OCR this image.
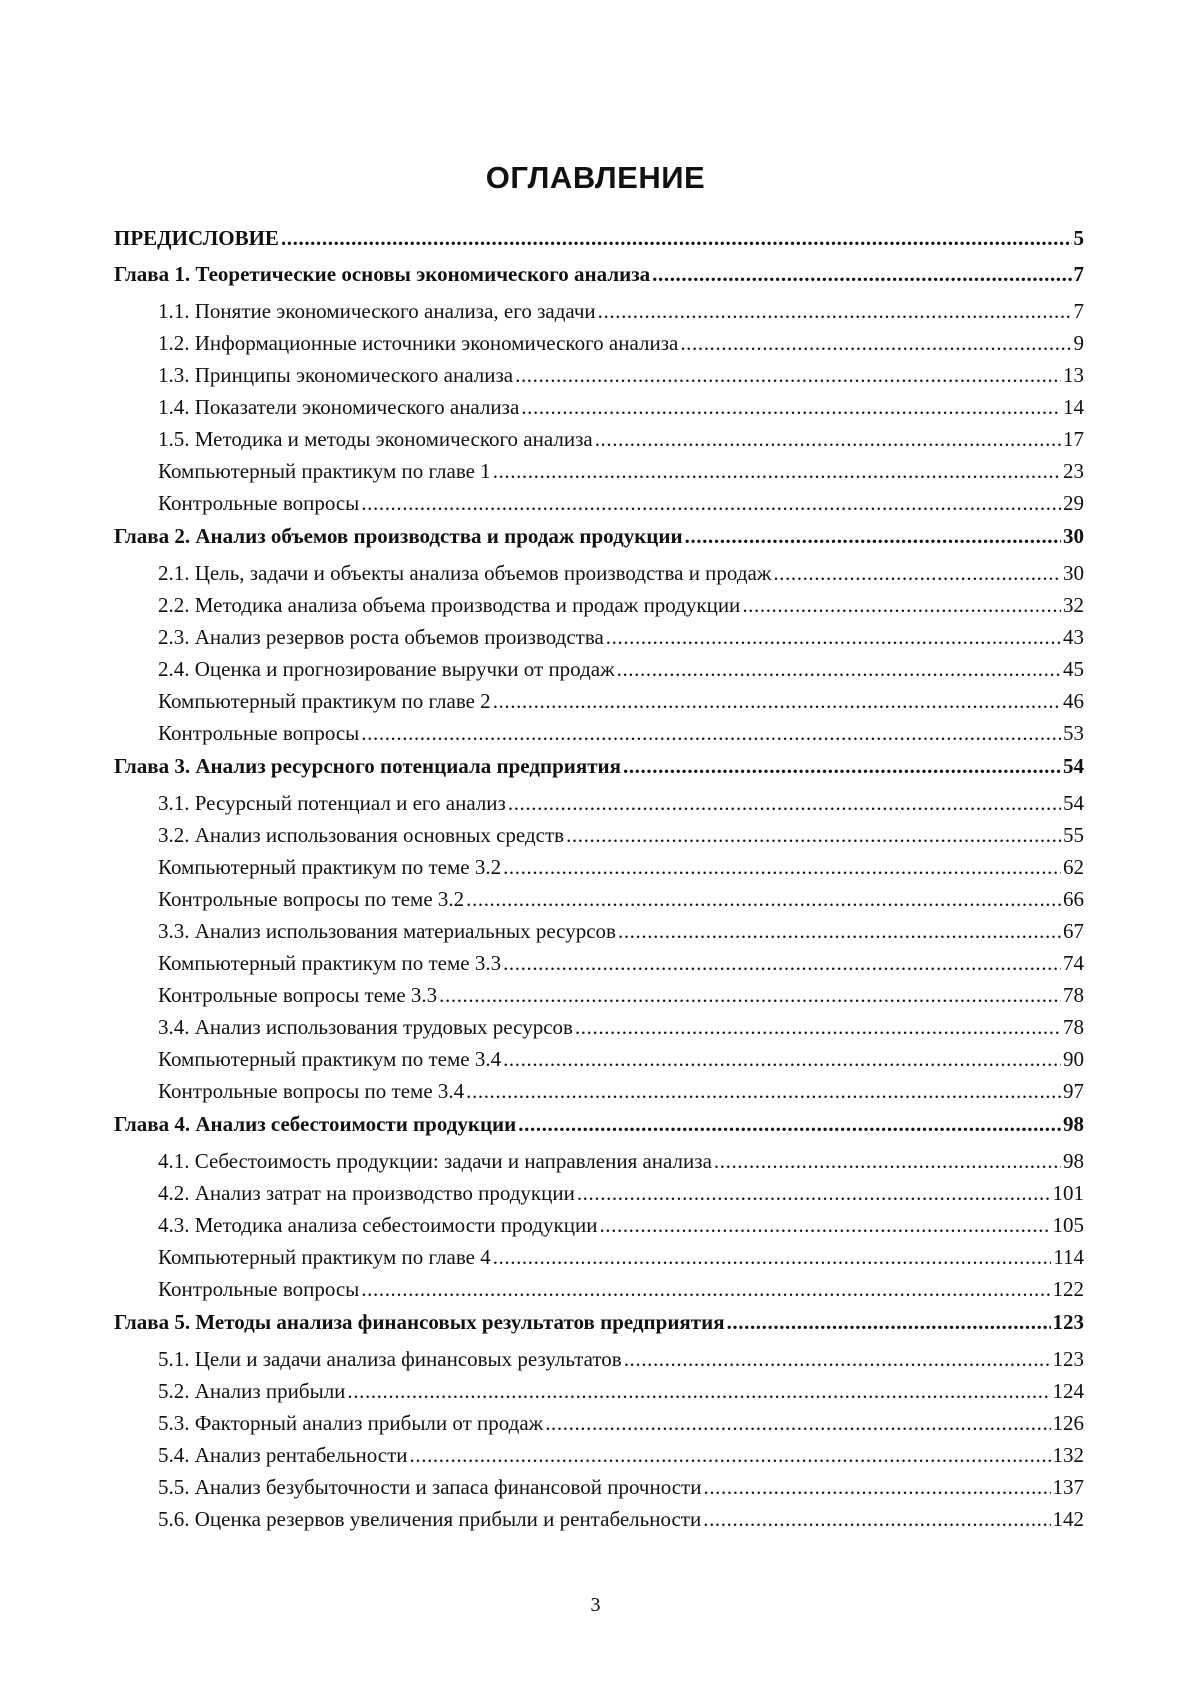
ОГЛАВЛЕНИЕ
ПРЕДИСЛОВИЕ .....	5
Глава 1. Теоретические основы экономического анализа .....	7
1.1. Понятие экономического анализа, его задачи .....	7
1.2. Информационные источники экономического анализа .....	9
1.3. Принципы экономического анализа .....	13
1.4. Показатели экономического анализа .....	14
1.5. Методика и методы экономического анализа .....	17
Компьютерный практикум по главе 1 .....	23
Контрольные вопросы .....	29
Глава 2. Анализ объемов производства и продаж продукции .....	30
2.1. Цель, задачи и объекты анализа объемов производства и продаж .....	30
2.2. Методика анализа объема производства и продаж продукции .....	32
2.3. Анализ резервов роста объемов производства .....	43
2.4. Оценка и прогнозирование выручки от продаж .....	45
Компьютерный практикум по главе 2 .....	46
Контрольные вопросы .....	53
Глава 3. Анализ ресурсного потенциала предприятия .....	54
3.1. Ресурсный потенциал и его анализ .....	54
3.2. Анализ использования основных средств .....	55
Компьютерный практикум по теме 3.2 .....	62
Контрольные вопросы по теме 3.2 .....	66
3.3. Анализ использования материальных ресурсов .....	67
Компьютерный практикум по теме 3.3 .....	74
Контрольные вопросы теме 3.3 .....	78
3.4. Анализ использования трудовых ресурсов .....	78
Компьютерный практикум по теме 3.4 .....	90
Контрольные вопросы по теме 3.4 .....	97
Глава 4. Анализ себестоимости продукции .....	98
4.1. Себестоимость продукции: задачи и направления анализа .....	98
4.2. Анализ затрат на производство продукции .....	101
4.3. Методика анализа себестоимости продукции .....	105
Компьютерный практикум по главе 4 .....	114
Контрольные вопросы .....	122
Глава 5. Методы анализа финансовых результатов предприятия .....	123
5.1. Цели и задачи анализа финансовых результатов .....	123
5.2. Анализ прибыли .....	124
5.3. Факторный анализ прибыли от продаж .....	126
5.4. Анализ рентабельности .....	132
5.5. Анализ безубыточности и запаса финансовой прочности .....	137
5.6. Оценка резервов увеличения прибыли и рентабельности .....	142
3
